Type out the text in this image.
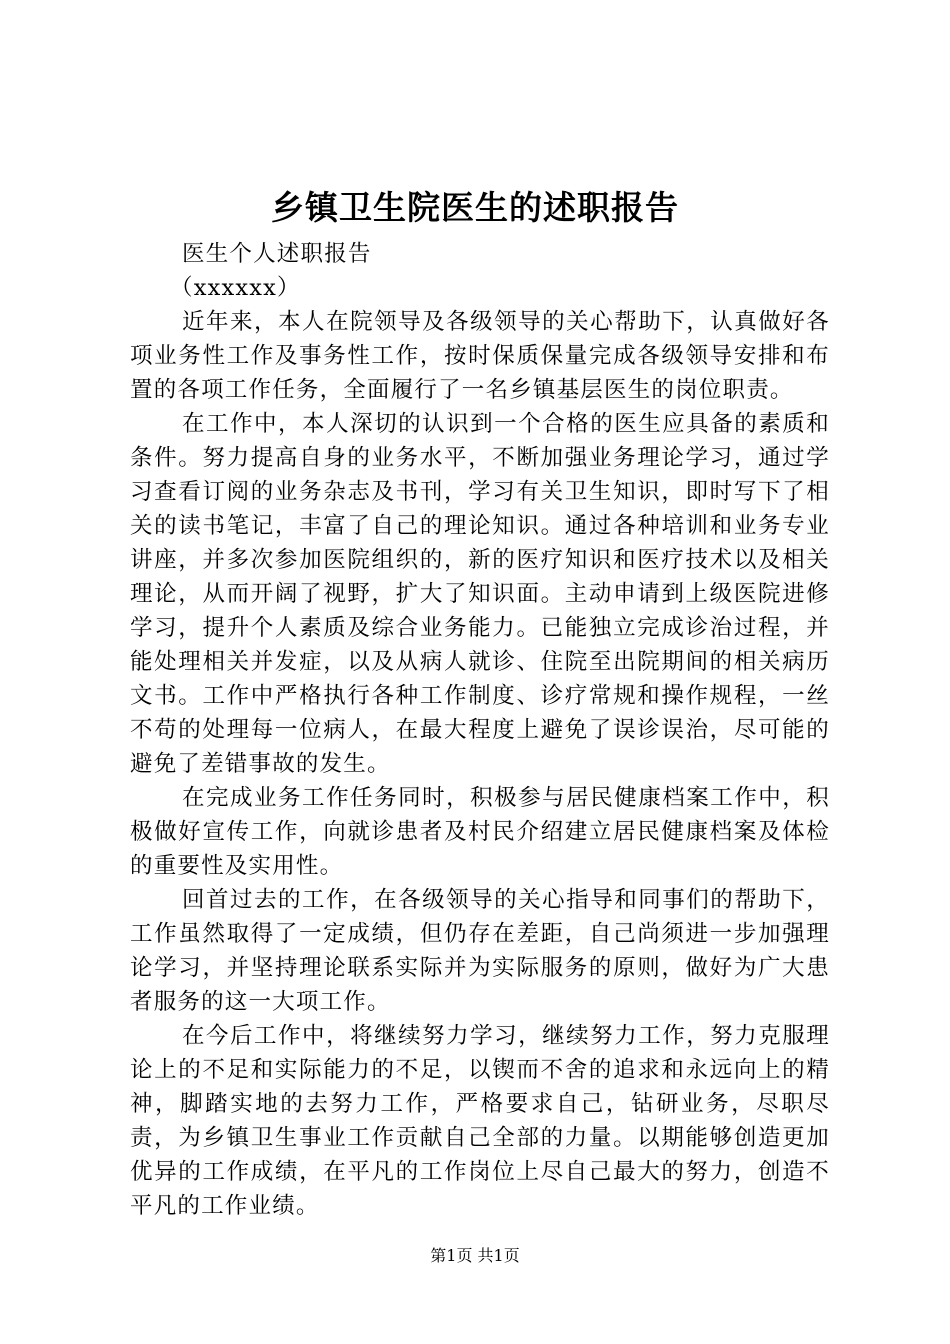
乡镇卫生院医生的述职报告

医生个人述职报告

（xxxxxx）

近年来，本人在院领导及各级领导的关心帮助下，认真做好各项业务性工作及事务性工作，按时保质保量完成各级领导安排和布置的各项工作任务，全面履行了一名乡镇基层医生的岗位职责。

在工作中，本人深切的认识到一个合格的医生应具备的素质和条件。努力提高自身的业务水平，不断加强业务理论学习，通过学习查看订阅的业务杂志及书刊，学习有关卫生知识，即时写下了相关的读书笔记，丰富了自己的理论知识。通过各种培训和业务专业讲座，并多次参加医院组织的，新的医疗知识和医疗技术以及相关理论，从而开阔了视野，扩大了知识面。主动申请到上级医院进修学习，提升个人素质及综合业务能力。已能独立完成诊治过程，并能处理相关并发症，以及从病人就诊、住院至出院期间的相关病历文书。工作中严格执行各种工作制度、诊疗常规和操作规程，一丝不苟的处理每一位病人，在最大程度上避免了误诊误治，尽可能的避免了差错事故的发生。

在完成业务工作任务同时，积极参与居民健康档案工作中，积极做好宣传工作，向就诊患者及村民介绍建立居民健康档案及体检的重要性及实用性。

回首过去的工作，在各级领导的关心指导和同事们的帮助下，工作虽然取得了一定成绩，但仍存在差距，自己尚须进一步加强理论学习，并坚持理论联系实际并为实际服务的原则，做好为广大患者服务的这一大项工作。

在今后工作中，将继续努力学习，继续努力工作，努力克服理论上的不足和实际能力的不足，以锲而不舍的追求和永远向上的精神，脚踏实地的去努力工作，严格要求自己，钻研业务，尽职尽责，为乡镇卫生事业工作贡献自己全部的力量。以期能够创造更加优异的工作成绩，在平凡的工作岗位上尽自己最大的努力，创造不平凡的工作业绩。

第1页 共1页
